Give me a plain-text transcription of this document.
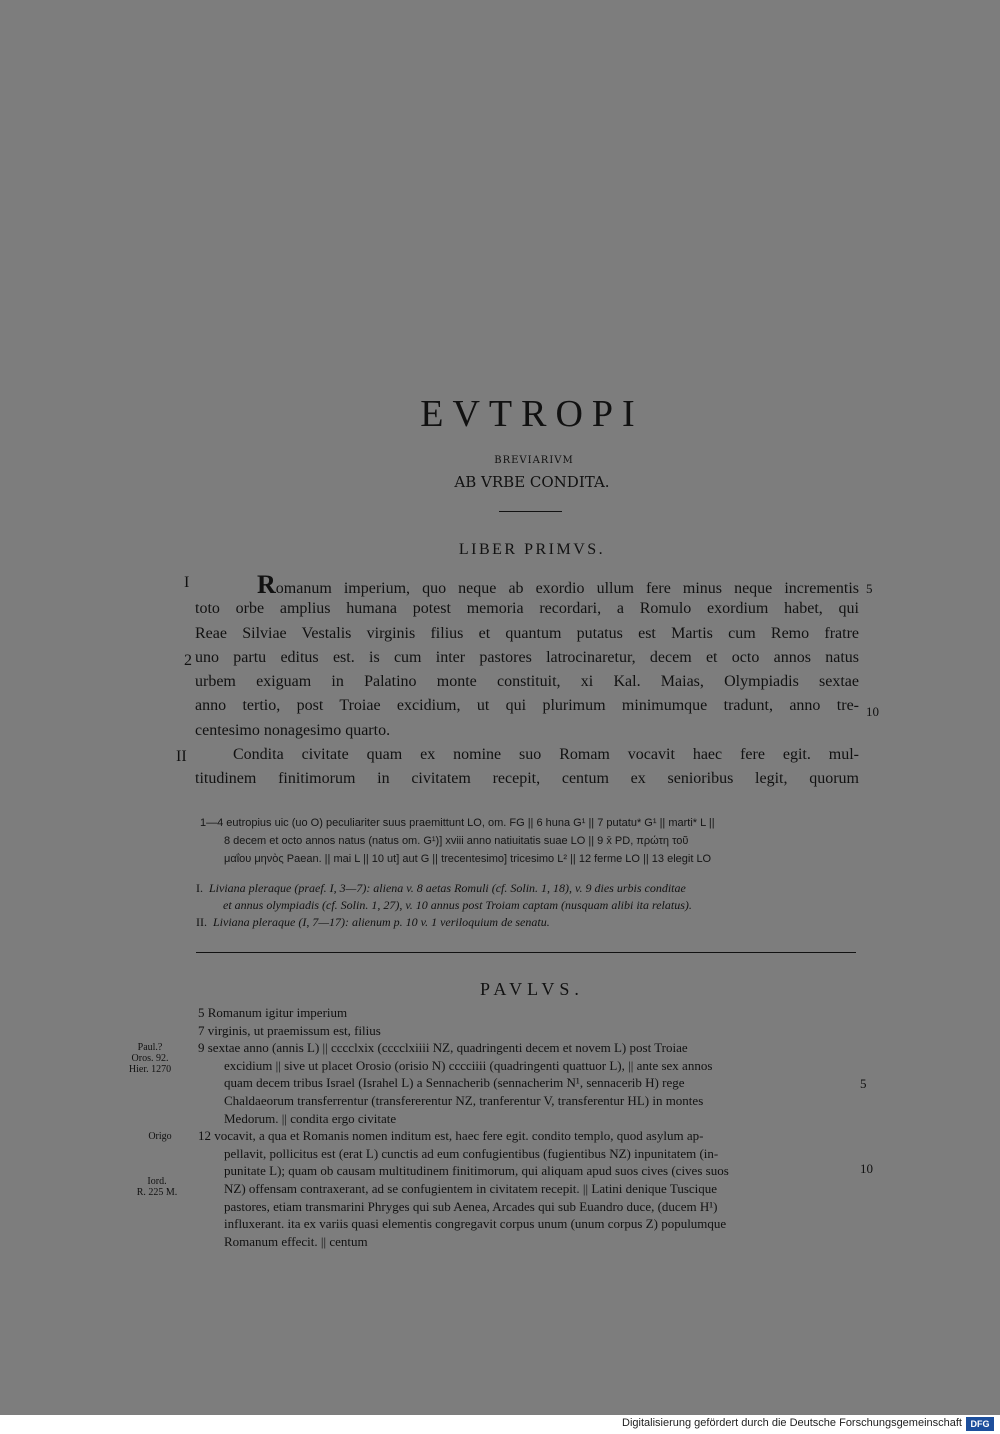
EVTROPI
BREVIARIVM
AB VRBE CONDITA.
LIBER PRIMVS.
I
2
II
5
10
Romanum imperium, quo neque ab exordio ullum fere minus neque incrementis
toto orbe amplius humana potest memoria recordari, a Romulo exordium habet, qui
Reae Silviae Vestalis virginis filius et quantum putatus est Martis cum Remo fratre
uno partu editus est. is cum inter pastores latrocinaretur, decem et octo annos natus
urbem exiguam in Palatino monte constituit, xi Kal. Maias, Olympiadis sextae
anno tertio, post Troiae excidium, ut qui plurimum minimumque tradunt, anno tre-
centesimo nonagesimo quarto.
Condita civitate quam ex nomine suo Romam vocavit haec fere egit. mul-
titudinem finitimorum in civitatem recepit, centum ex senioribus legit, quorum
1—4 eutropius uic (uo O) peculiariter suus praemittunt LO, om. FG || 6 huna G¹ || 7 putatu* G¹ || marti* L ||
8 decem et octo annos natus (natus om. G¹)] xviii anno natiuitatis suae LO || 9 x̄ PD, πρώτη τοῦ
μαΐου μηνὸς Paean. || mai L || 10 ut] aut G || trecentesimo] tricesimo L² || 12 ferme LO || 13 elegit LO
I. Liviana pleraque (praef. I, 3—7): aliena v. 8 aetas Romuli (cf. Solin. 1, 18), v. 9 dies urbis conditae
et annus olympiadis (cf. Solin. 1, 27), v. 10 annus post Troiam captam (nusquam alibi ita relatus).
II. Liviana pleraque (I, 7—17): alienum p. 10 v. 1 veriloquium de senatu.
PAVLVS.
Paul.?
Oros. 92.
Hier. 1270
Origo
Iord.
R. 225 M.
5
10
5 Romanum igitur imperium
7 virginis, ut praemissum est, filius
9 sextae anno (annis L) || cccclxix (cccclxiiii NZ, quadringenti decem et novem L) post Troiae
excidium || sive ut placet Orosio (orisio N) cccciiii (quadringenti quattuor L), || ante sex annos
quam decem tribus Israel (Israhel L) a Sennacherib (sennacherim N¹, sennacerib H) rege
Chaldaeorum transferrentur (transfererentur NZ, tranferentur V, transferentur HL) in montes
Medorum. || condita ergo civitate
12 vocavit, a qua et Romanis nomen inditum est, haec fere egit. condito templo, quod asylum ap-
pellavit, pollicitus est (erat L) cunctis ad eum confugientibus (fugientibus NZ) inpunitatem (in-
punitate L); quam ob causam multitudinem finitimorum, qui aliquam apud suos cives (cives suos
NZ) offensam contraxerant, ad se confugientem in civitatem recepit. || Latini denique Tuscique
pastores, etiam transmarini Phryges qui sub Aenea, Arcades qui sub Euandro duce, (ducem H¹)
influxerant. ita ex variis quasi elementis congregavit corpus unum (unum corpus Z) populumque
Romanum effecit. || centum
Digitalisierung gefördert durch die Deutsche Forschungsgemeinschaft DFG
